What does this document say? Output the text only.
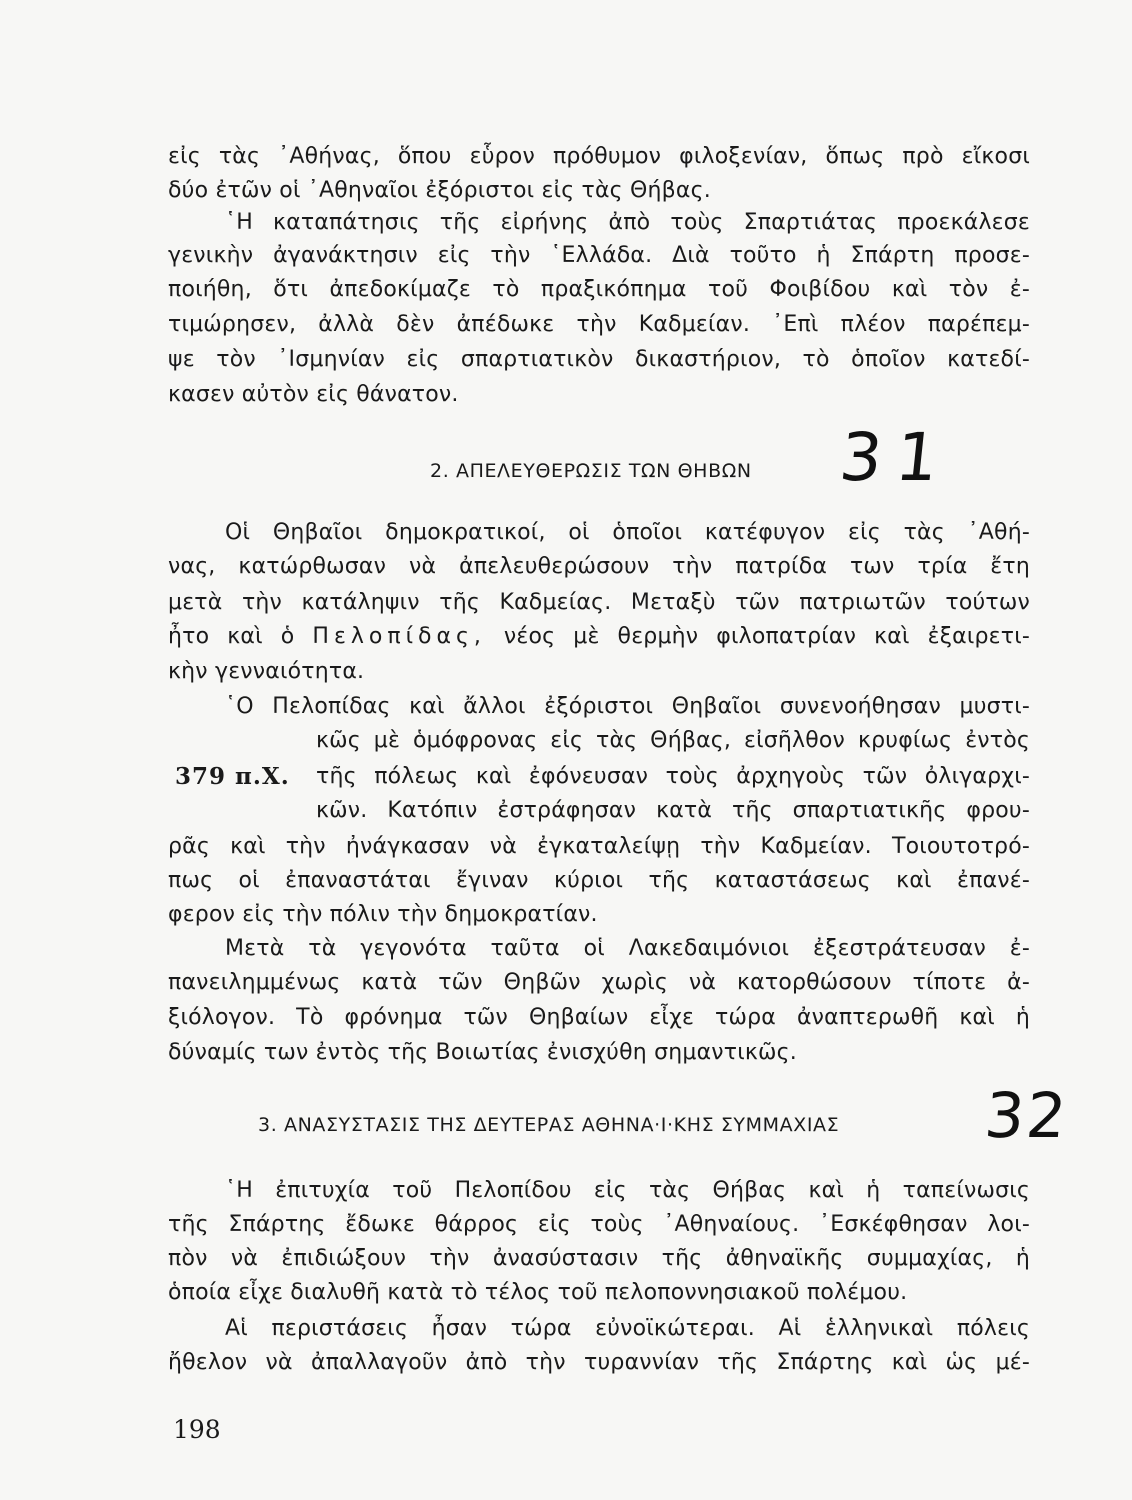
εἰς τὰς ᾿Αθήνας, ὅπου εὗρον πρόθυμον φιλοξενίαν, ὅπως πρὸ εἴκοσι
δύο ἐτῶν οἱ ᾿Αθηναῖοι ἐξόριστοι εἰς τὰς Θήβας.
῾Η καταπάτησις τῆς εἰρήνης ἀπὸ τοὺς Σπαρτιάτας προεκάλεσε
γενικὴν ἀγανάκτησιν εἰς τὴν ῾Ελλάδα. Διὰ τοῦτο ἡ Σπάρτη προσε-
ποιήθη, ὅτι ἀπεδοκίμαζε τὸ πραξικόπημα τοῦ Φοιβίδου καὶ τὸν ἐ-
τιμώρησεν, ἀλλὰ δὲν ἀπέδωκε τὴν Καδμείαν. ᾿Επὶ πλέον παρέπεμ-
ψε τὸν ᾿Ισμηνίαν εἰς σπαρτιατικὸν δικαστήριον, τὸ ὁποῖον κατεδί-
κασεν αὐτὸν εἰς θάνατον.
2. ΑΠΕΛΕΥΘΕΡΩΣΙΣ ΤΩΝ ΘΗΒΩΝ 31
Οἱ Θηβαῖοι δημοκρατικοί, οἱ ὁποῖοι κατέφυγον εἰς τὰς ᾿Αθή-
νας, κατώρθωσαν νὰ ἀπελευθερώσουν τὴν πατρίδα των τρία ἔτη
μετὰ τὴν κατάληψιν τῆς Καδμείας. Μεταξὺ τῶν πατριωτῶν τούτων
ἦτο καὶ ὁ Πελοπίδας, νέος μὲ θερμὴν φιλοπατρίαν καὶ ἐξαιρετι-
κὴν γενναιότητα.
῾Ο Πελοπίδας καὶ ἄλλοι ἐξόριστοι Θηβαῖοι συνενοήθησαν μυστι-
κῶς μὲ ὁμόφρονας εἰς τὰς Θήβας, εἰσῆλθον κρυφίως ἐντὸς
379 π.Χ. τῆς πόλεως καὶ ἐφόνευσαν τοὺς ἀρχηγοὺς τῶν ὀλιγαρχι-
κῶν. Κατόπιν ἐστράφησαν κατὰ τῆς σπαρτιατικῆς φρου-
ρᾶς καὶ τὴν ἠνάγκασαν νὰ ἐγκαταλείψῃ τὴν Καδμείαν. Τοιουτοτρό-
πως οἱ ἐπαναστάται ἔγιναν κύριοι τῆς καταστάσεως καὶ ἐπανέ-
φερον εἰς τὴν πόλιν τὴν δημοκρατίαν.
Μετὰ τὰ γεγονότα ταῦτα οἱ Λακεδαιμόνιοι ἐξεστράτευσαν ἐ-
πανειλημμένως κατὰ τῶν Θηβῶν χωρὶς νὰ κατορθώσουν τίποτε ἀ-
ξιόλογον. Τὸ φρόνημα τῶν Θηβαίων εἶχε τώρα ἀναπτερωθῆ καὶ ἡ
δύναμίς των ἐντὸς τῆς Βοιωτίας ἐνισχύθη σημαντικῶς.
3. ΑΝΑΣΥΣΤΑΣΙΣ ΤΗΣ ΔΕΥΤΕΡΑΣ ΑΘΗΝΑ·Ι·ΚΗΣ ΣΥΜΜΑΧΙΑΣ 32
῾Η ἐπιτυχία τοῦ Πελοπίδου εἰς τὰς Θήβας καὶ ἡ ταπείνωσις
τῆς Σπάρτης ἔδωκε θάρρος εἰς τοὺς ᾿Αθηναίους. ᾿Εσκέφθησαν λοι-
πὸν νὰ ἐπιδιώξουν τὴν ἀνασύστασιν τῆς ἀθηναϊκῆς συμμαχίας, ἡ
ὁποία εἶχε διαλυθῆ κατὰ τὸ τέλος τοῦ πελοποννησιακοῦ πολέμου.
Αἱ περιστάσεις ἦσαν τώρα εὐνοϊκώτεραι. Αἱ ἑλληνικαὶ πόλεις
ἤθελον νὰ ἀπαλλαγοῦν ἀπὸ τὴν τυραννίαν τῆς Σπάρτης καὶ ὡς μέ-
198
